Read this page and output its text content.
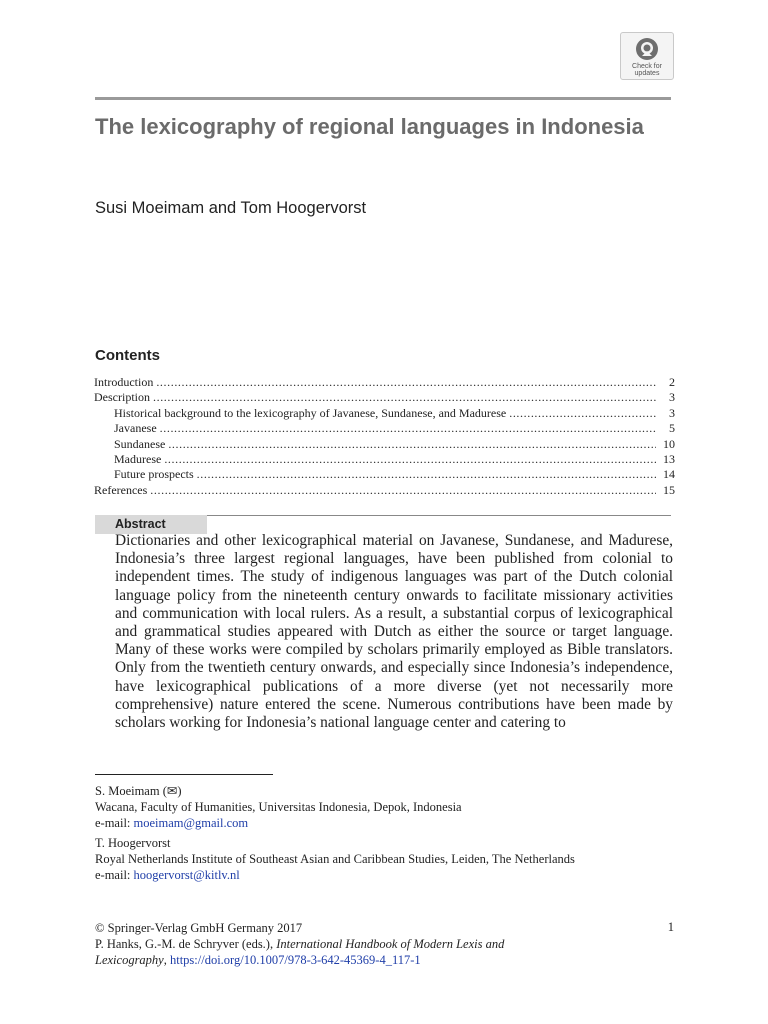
Check for
updates
The lexicography of regional languages in Indonesia
Susi Moeimam and Tom Hoogervorst
Contents
Introduction . . .	2
Description . . .	3
Historical background to the lexicography of Javanese, Sundanese, and Madurese . . .	3
Javanese . . .	5
Sundanese . . .	10
Madurese . . .	13
Future prospects . . .	14
References . . .	15
Abstract

Dictionaries and other lexicographical material on Javanese, Sundanese, and Madurese, Indonesia’s three largest regional languages, have been published from colonial to independent times. The study of indigenous languages was part of the Dutch colonial language policy from the nineteenth century onwards to facilitate missionary activities and communication with local rulers. As a result, a substantial corpus of lexicographical and grammatical studies appeared with Dutch as either the source or target language. Many of these works were compiled by scholars primarily employed as Bible translators. Only from the twentieth century onwards, and especially since Indonesia’s independence, have lexicographical publications of a more diverse (yet not necessarily more comprehensive) nature entered the scene. Numerous contributions have been made by scholars working for Indonesia’s national language center and catering to

S. Moeimam (✉)
Wacana, Faculty of Humanities, Universitas Indonesia, Depok, Indonesia
e-mail: moeimam@gmail.com
T. Hoogervorst
Royal Netherlands Institute of Southeast Asian and Caribbean Studies, Leiden, The Netherlands
e-mail: hoogervorst@kitlv.nl
© Springer-Verlag GmbH Germany 2017
P. Hanks, G.-M. de Schryver (eds.), International Handbook of Modern Lexis and
Lexicography, https://doi.org/10.1007/978-3-642-45369-4_117-1
1
